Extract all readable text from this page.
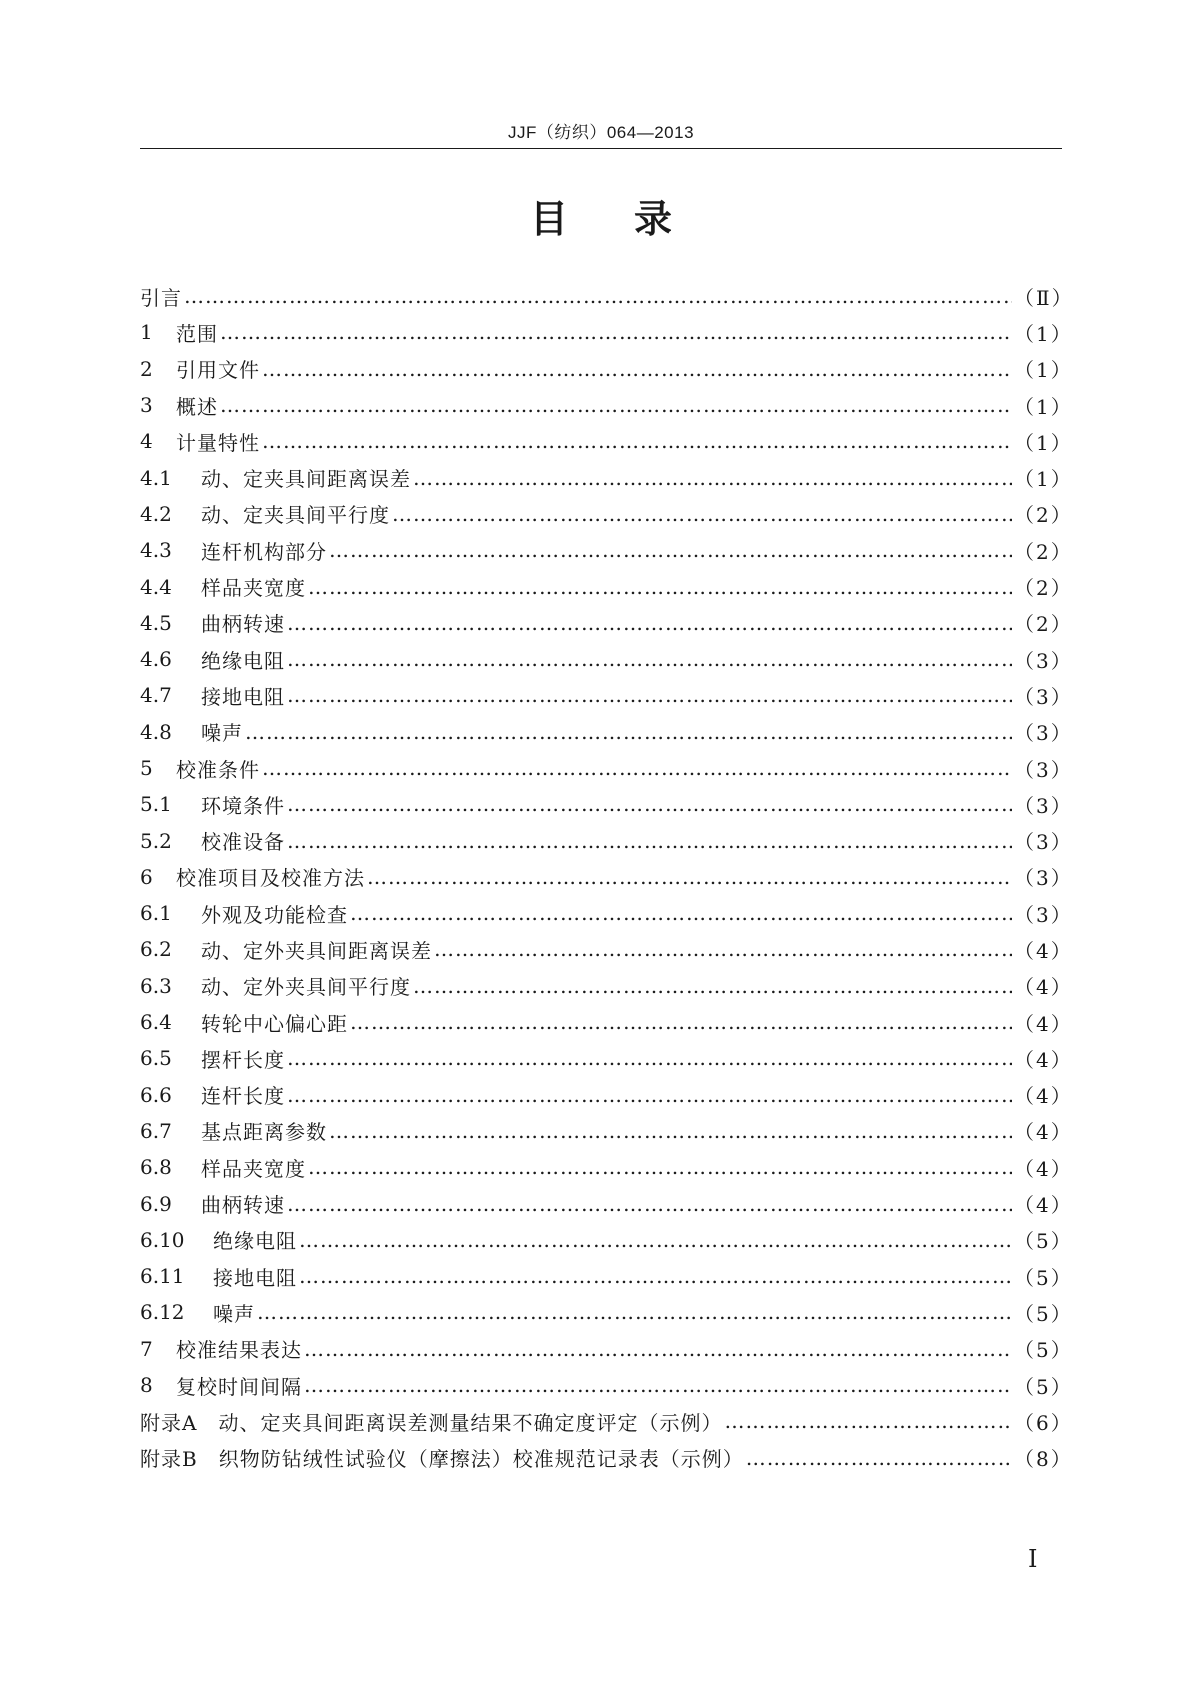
JJF（纺织）064—2013
目录
引言 …………………………………………………………………………………………………………………………………………………………………………………………………………………………………………………………………………	（Ⅱ）
1	范围 …………………………………………………………………………………………………………………………………………………………………………………………………………………………………………………………………………	（1）
2	引用文件 …………………………………………………………………………………………………………………………………………………………………………………………………………………………………………………………………………	（1）
3	概述 …………………………………………………………………………………………………………………………………………………………………………………………………………………………………………………………………………	（1）
4	计量特性 …………………………………………………………………………………………………………………………………………………………………………………………………………………………………………………………………………	（1）
4.1	动、定夹具间距离误差 …………………………………………………………………………………………………………………………………………………………………………………………………………………………………………………………………………	（1）
4.2	动、定夹具间平行度 …………………………………………………………………………………………………………………………………………………………………………………………………………………………………………………………………………	（2）
4.3	连杆机构部分 …………………………………………………………………………………………………………………………………………………………………………………………………………………………………………………………………………	（2）
4.4	样品夹宽度 …………………………………………………………………………………………………………………………………………………………………………………………………………………………………………………………………………	（2）
4.5	曲柄转速 …………………………………………………………………………………………………………………………………………………………………………………………………………………………………………………………………………	（2）
4.6	绝缘电阻 …………………………………………………………………………………………………………………………………………………………………………………………………………………………………………………………………………	（3）
4.7	接地电阻 …………………………………………………………………………………………………………………………………………………………………………………………………………………………………………………………………………	（3）
4.8	噪声 …………………………………………………………………………………………………………………………………………………………………………………………………………………………………………………………………………	（3）
5	校准条件 …………………………………………………………………………………………………………………………………………………………………………………………………………………………………………………………………………	（3）
5.1	环境条件 …………………………………………………………………………………………………………………………………………………………………………………………………………………………………………………………………………	（3）
5.2	校准设备 …………………………………………………………………………………………………………………………………………………………………………………………………………………………………………………………………………	（3）
6	校准项目及校准方法 …………………………………………………………………………………………………………………………………………………………………………………………………………………………………………………………………………	（3）
6.1	外观及功能检查 …………………………………………………………………………………………………………………………………………………………………………………………………………………………………………………………………………	（3）
6.2	动、定外夹具间距离误差 …………………………………………………………………………………………………………………………………………………………………………………………………………………………………………………………………………	（4）
6.3	动、定外夹具间平行度 …………………………………………………………………………………………………………………………………………………………………………………………………………………………………………………………………………	（4）
6.4	转轮中心偏心距 …………………………………………………………………………………………………………………………………………………………………………………………………………………………………………………………………………	（4）
6.5	摆杆长度 …………………………………………………………………………………………………………………………………………………………………………………………………………………………………………………………………………	（4）
6.6	连杆长度 …………………………………………………………………………………………………………………………………………………………………………………………………………………………………………………………………………	（4）
6.7	基点距离参数 …………………………………………………………………………………………………………………………………………………………………………………………………………………………………………………………………………	（4）
6.8	样品夹宽度 …………………………………………………………………………………………………………………………………………………………………………………………………………………………………………………………………………	（4）
6.9	曲柄转速 …………………………………………………………………………………………………………………………………………………………………………………………………………………………………………………………………………	（4）
6.10	绝缘电阻 …………………………………………………………………………………………………………………………………………………………………………………………………………………………………………………………………………	（5）
6.11	接地电阻 …………………………………………………………………………………………………………………………………………………………………………………………………………………………………………………………………………	（5）
6.12	噪声 …………………………………………………………………………………………………………………………………………………………………………………………………………………………………………………………………………	（5）
7	校准结果表达 …………………………………………………………………………………………………………………………………………………………………………………………………………………………………………………………………………	（5）
8	复校时间间隔 …………………………………………………………………………………………………………………………………………………………………………………………………………………………………………………………………………	（5）
附录A　动、定夹具间距离误差测量结果不确定度评定（示例） …………………………………………………………………………………………………………………………………………………………………………………………………………………………………………………………………………	（6）
附录B　织物防钻绒性试验仪（摩擦法）校准规范记录表（示例） …………………………………………………………………………………………………………………………………………………………………………………………………………………………………………………………………………	（8）
Ⅰ
